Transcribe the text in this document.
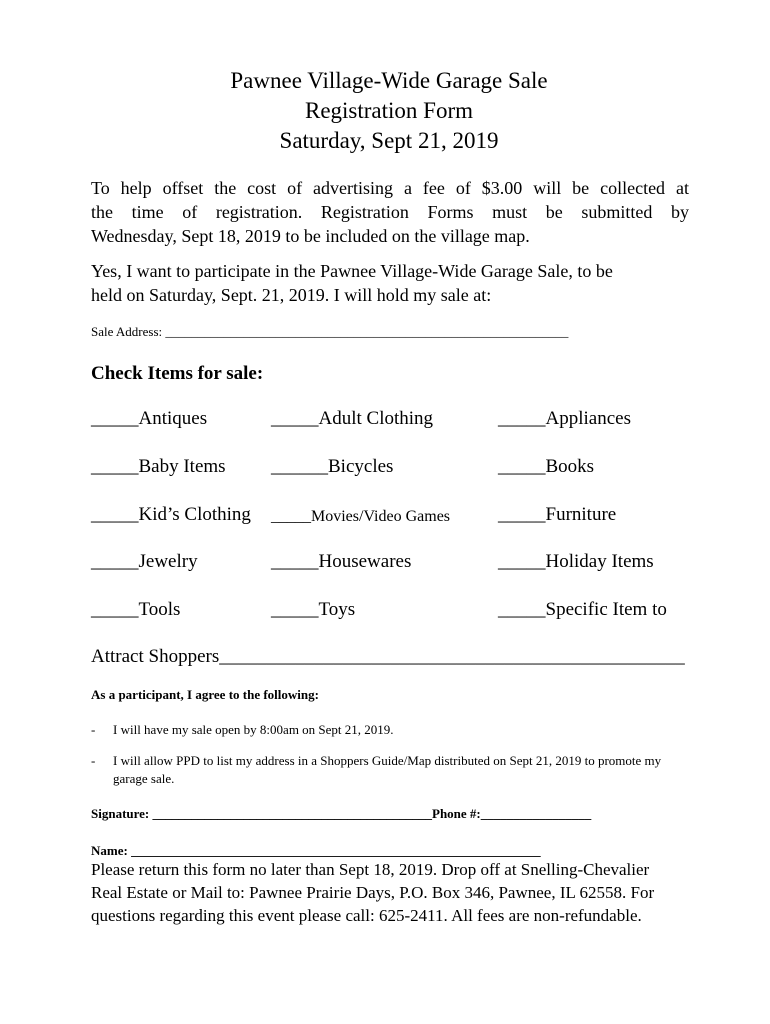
Pawnee Village-Wide Garage Sale
Registration Form
Saturday, Sept 21, 2019
To help offset the cost of advertising a fee of $3.00 will be collected at
the time of registration. Registration Forms must be submitted by
Wednesday, Sept 18, 2019 to be included on the village map.
Yes, I want to participate in the Pawnee Village-Wide Garage Sale, to be
held on Saturday, Sept. 21, 2019. I will hold my sale at:
Sale Address: ______________________________________________________________
Check Items for sale:
_____Antiques	_____Adult Clothing	_____Appliances
_____Baby Items ______Bicycles	_____Books
_____Kid’s Clothing _____Movies/Video Games	_____Furniture
_____Jewelry	_____Housewares	_____Holiday Items
_____Tools	_____Toys	_____Specific Item to
Attract Shoppers_________________________________________________
As a participant, I agree to the following:
- I will have my sale open by 8:00am on Sept 21, 2019.
- I will allow PPD to list my address in a Shoppers Guide/Map distributed on Sept 21, 2019 to promote my garage sale.
Signature: ___________________________________________Phone #:_________________
Name: _______________________________________________________________
Please return this form no later than Sept 18, 2019. Drop off at Snelling-Chevalier
Real Estate or Mail to: Pawnee Prairie Days, P.O. Box 346, Pawnee, IL 62558. For
questions regarding this event please call: 625-2411. All fees are non-refundable.
